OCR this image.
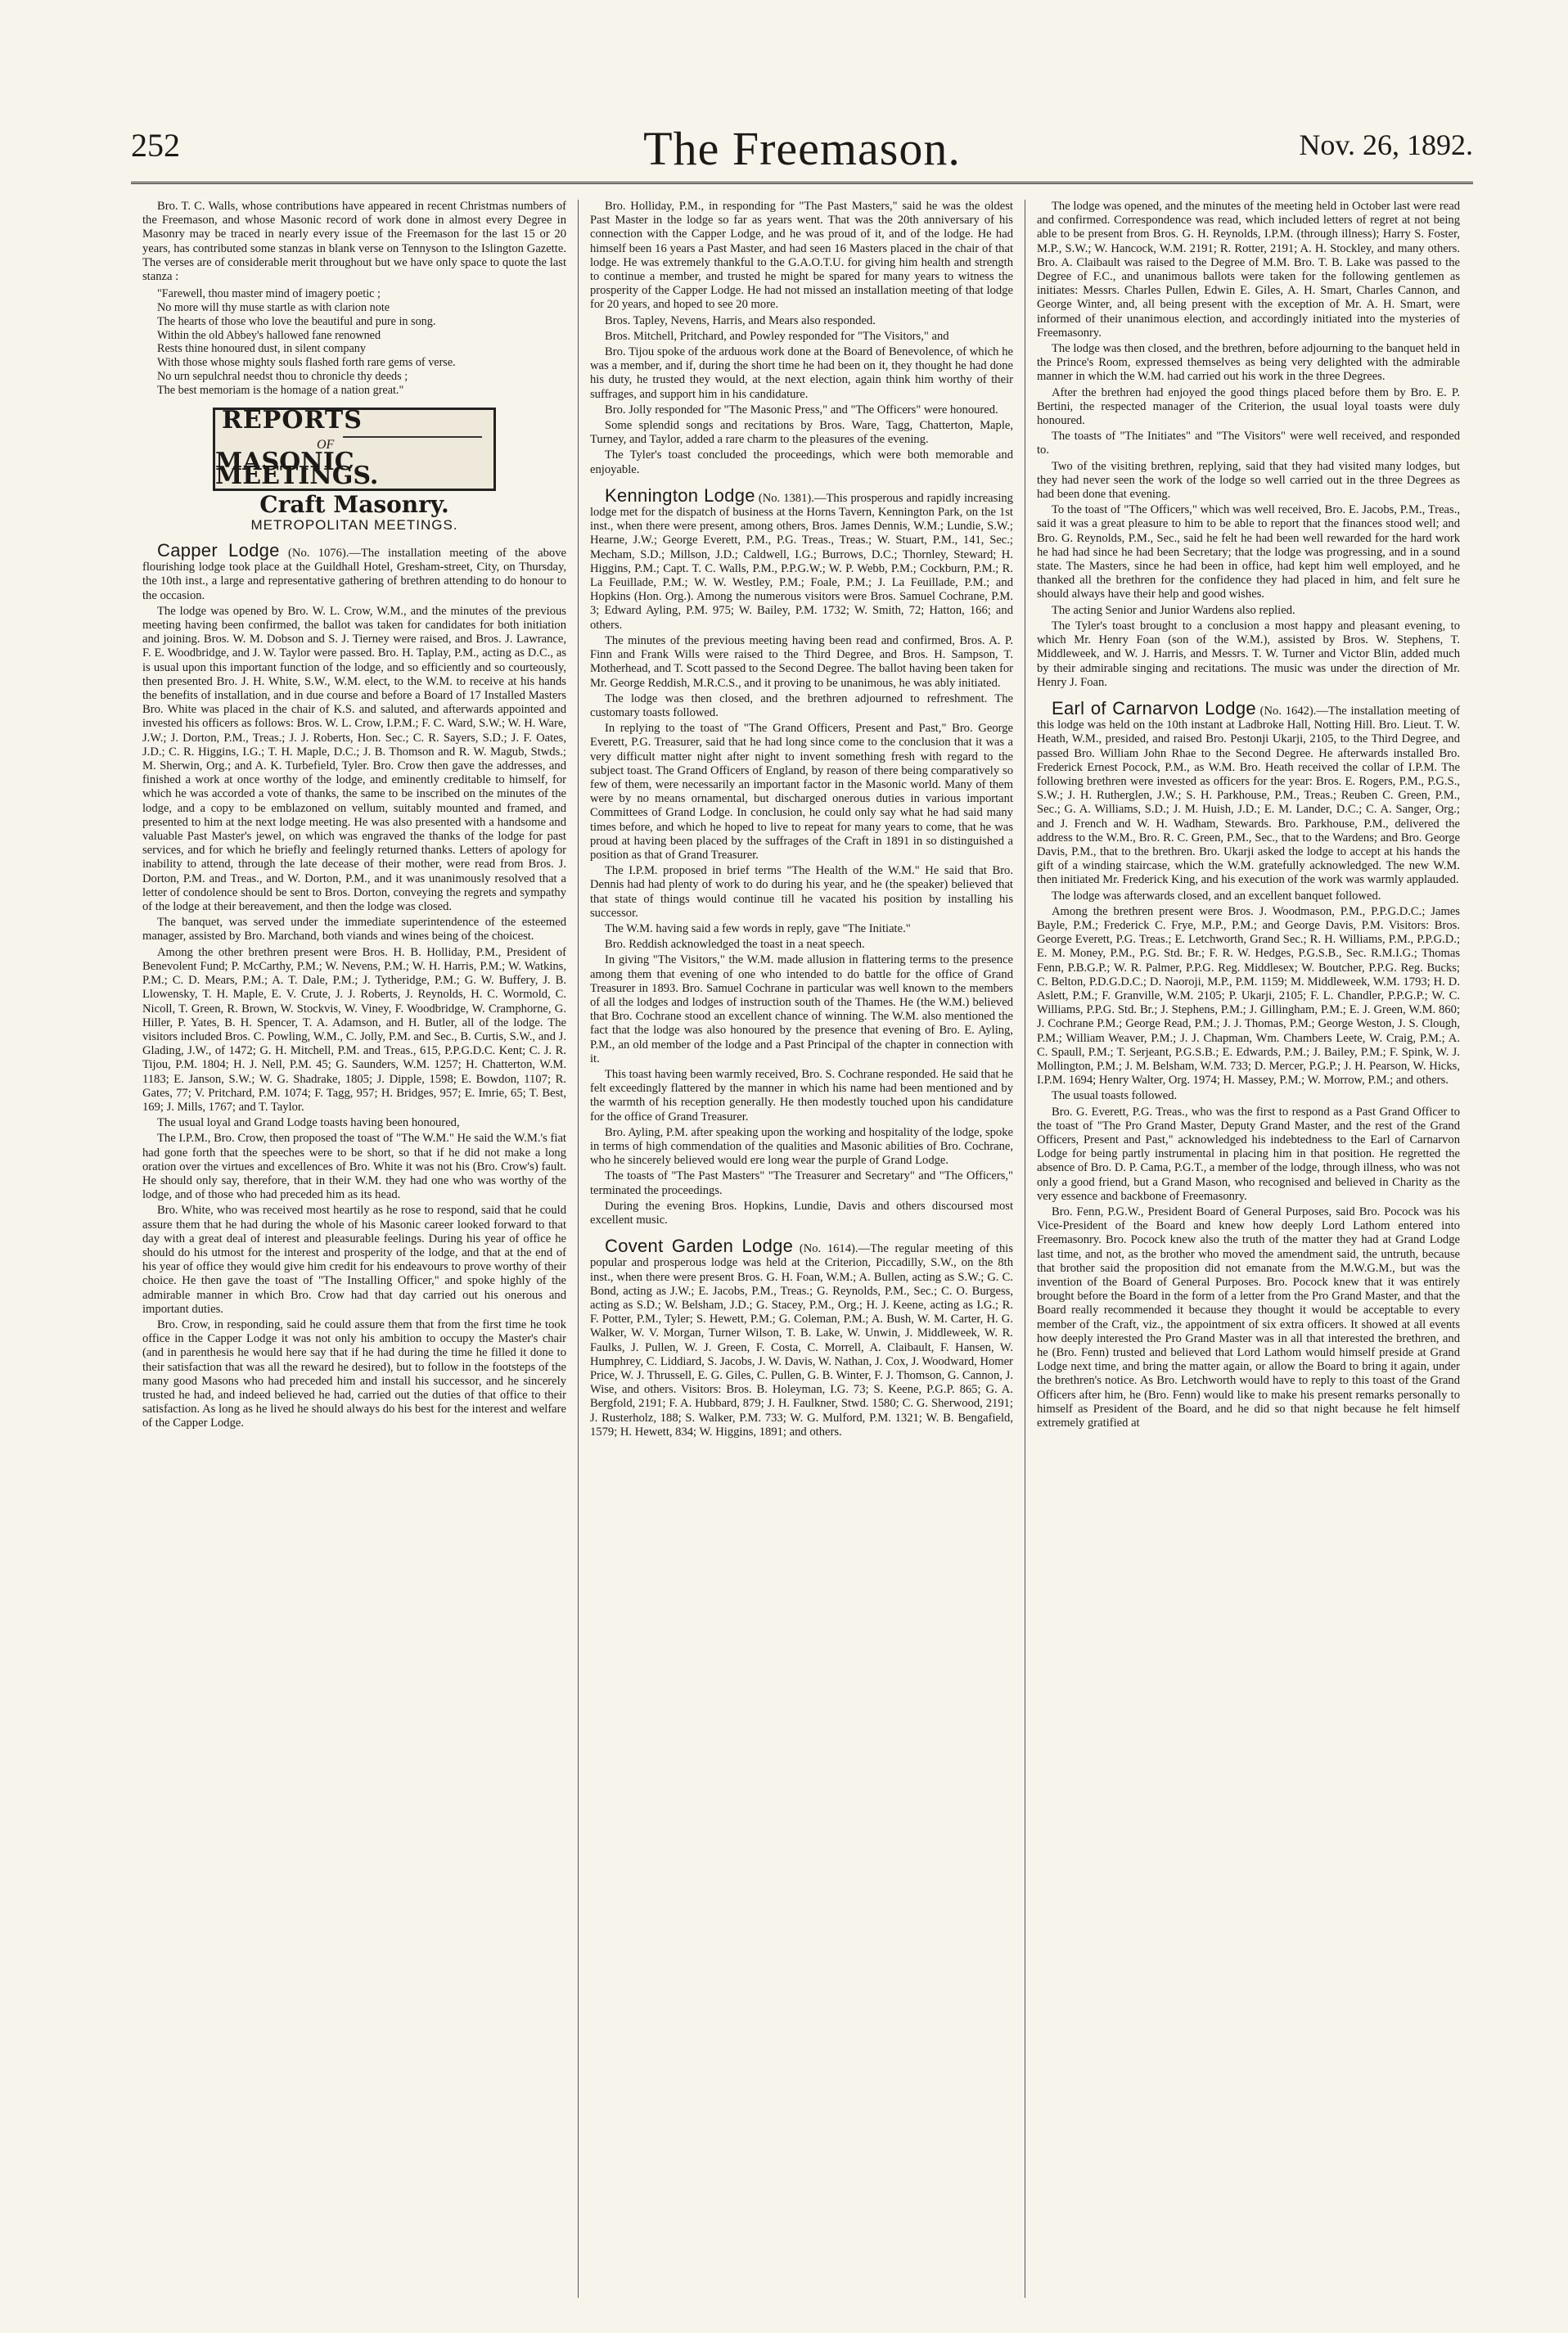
252	The Freemason.	Nov. 26, 1892.

Bro. T. C. Walls, whose contributions have appeared in recent Christmas numbers of the Freemason, and whose Masonic record of work done in almost every Degree in Masonry may be traced in nearly every issue of the Freemason for the last 15 or 20 years, has contributed some stanzas in blank verse on Tennyson to the Islington Gazette. The verses are of considerable merit throughout but we have only space to quote the last stanza :

"Farewell, thou master mind of imagery poetic ;
No more will thy muse startle as with clarion note
The hearts of those who love the beautiful and pure in song.
Within the old Abbey's hallowed fane renowned
Rests thine honoured dust, in silent company
With those whose mighty souls flashed forth rare gems of verse.
No urn sepulchral needst thou to chronicle thy deeds ;
The best memoriam is the homage of a nation great."
REPORTS
OF
MASONIC MEETINGS.
Craft Masonry.
METROPOLITAN MEETINGS.

Capper Lodge (No. 1076).—The installation meeting of the above flourishing lodge took place at the Guildhall Hotel, Gresham-street, City, on Thursday, the 10th inst., a large and representative gathering of brethren attending to do honour to the occasion.

The lodge was opened by Bro. W. L. Crow, W.M., and the minutes of the previous meeting having been confirmed, the ballot was taken for candidates for both initiation and joining. Bros. W. M. Dobson and S. J. Tierney were raised, and Bros. J. Lawrance, F. E. Woodbridge, and J. W. Taylor were passed. Bro. H. Taplay, P.M., acting as D.C., as is usual upon this important function of the lodge, and so efficiently and so courteously, then presented Bro. J. H. White, S.W., W.M. elect, to the W.M. to receive at his hands the benefits of installation, and in due course and before a Board of 17 Installed Masters Bro. White was placed in the chair of K.S. and saluted, and afterwards appointed and invested his officers as follows: Bros. W. L. Crow, I.P.M.; F. C. Ward, S.W.; W. H. Ware, J.W.; J. Dorton, P.M., Treas.; J. J. Roberts, Hon. Sec.; C. R. Sayers, S.D.; J. F. Oates, J.D.; C. R. Higgins, I.G.; T. H. Maple, D.C.; J. B. Thomson and R. W. Magub, Stwds.; M. Sherwin, Org.; and A. K. Turbefield, Tyler. Bro. Crow then gave the addresses, and finished a work at once worthy of the lodge, and eminently creditable to himself, for which he was accorded a vote of thanks, the same to be inscribed on the minutes of the lodge, and a copy to be emblazoned on vellum, suitably mounted and framed, and presented to him at the next lodge meeting. He was also presented with a handsome and valuable Past Master's jewel, on which was engraved the thanks of the lodge for past services, and for which he briefly and feelingly returned thanks. Letters of apology for inability to attend, through the late decease of their mother, were read from Bros. J. Dorton, P.M. and Treas., and W. Dorton, P.M., and it was unanimously resolved that a letter of condolence should be sent to Bros. Dorton, conveying the regrets and sympathy of the lodge at their bereavement, and then the lodge was closed.

The banquet, was served under the immediate superintendence of the esteemed manager, assisted by Bro. Marchand, both viands and wines being of the choicest.

Among the other brethren present were Bros. H. B. Holliday, P.M., President of Benevolent Fund; P. McCarthy, P.M.; W. Nevens, P.M.; W. H. Harris, P.M.; W. Watkins, P.M.; C. D. Mears, P.M.; A. T. Dale, P.M.; J. Tytheridge, P.M.; G. W. Buffery, J. B. Llowensky, T. H. Maple, E. V. Crute, J. J. Roberts, J. Reynolds, H. C. Wormold, C. Nicoll, T. Green, R. Brown, W. Stockvis, W. Viney, F. Woodbridge, W. Cramphorne, G. Hiller, P. Yates, B. H. Spencer, T. A. Adamson, and H. Butler, all of the lodge. The visitors included Bros. C. Powling, W.M., C. Jolly, P.M. and Sec., B. Curtis, S.W., and J. Glading, J.W., of 1472; G. H. Mitchell, P.M. and Treas., 615, P.P.G.D.C. Kent; C. J. R. Tijou, P.M. 1804; H. J. Nell, P.M. 45; G. Saunders, W.M. 1257; H. Chatterton, W.M. 1183; E. Janson, S.W.; W. G. Shadrake, 1805; J. Dipple, 1598; E. Bowdon, 1107; R. Gates, 77; V. Pritchard, P.M. 1074; F. Tagg, 957; H. Bridges, 957; E. Imrie, 65; T. Best, 169; J. Mills, 1767; and T. Taylor.

The usual loyal and Grand Lodge toasts having been honoured,

The I.P.M., Bro. Crow, then proposed the toast of "The W.M." He said the W.M.'s fiat had gone forth that the speeches were to be short, so that if he did not make a long oration over the virtues and excellences of Bro. White it was not his (Bro. Crow's) fault. He should only say, therefore, that in their W.M. they had one who was worthy of the lodge, and of those who had preceded him as its head.

Bro. White, who was received most heartily as he rose to respond, said that he could assure them that he had during the whole of his Masonic career looked forward to that day with a great deal of interest and pleasurable feelings. During his year of office he should do his utmost for the interest and prosperity of the lodge, and that at the end of his year of office they would give him credit for his endeavours to prove worthy of their choice. He then gave the toast of "The Installing Officer," and spoke highly of the admirable manner in which Bro. Crow had that day carried out his onerous and important duties.

Bro. Crow, in responding, said he could assure them that from the first time he took office in the Capper Lodge it was not only his ambition to occupy the Master's chair (and in parenthesis he would here say that if he had during the time he filled it done to their satisfaction that was all the reward he desired), but to follow in the footsteps of the many good Masons who had preceded him and install his successor, and he sincerely trusted he had, and indeed believed he had, carried out the duties of that office to their satisfaction. As long as he lived he should always do his best for the interest and welfare of the Capper Lodge.

Bro. Holliday, P.M., in responding for "The Past Masters," said he was the oldest Past Master in the lodge so far as years went. That was the 20th anniversary of his connection with the Capper Lodge, and he was proud of it, and of the lodge. He had himself been 16 years a Past Master, and had seen 16 Masters placed in the chair of that lodge. He was extremely thankful to the G.A.O.T.U. for giving him health and strength to continue a member, and trusted he might be spared for many years to witness the prosperity of the Capper Lodge. He had not missed an installation meeting of that lodge for 20 years, and hoped to see 20 more.

Bros. Tapley, Nevens, Harris, and Mears also responded.

Bros. Mitchell, Pritchard, and Powley responded for "The Visitors," and

Bro. Tijou spoke of the arduous work done at the Board of Benevolence, of which he was a member, and if, during the short time he had been on it, they thought he had done his duty, he trusted they would, at the next election, again think him worthy of their suffrages, and support him in his candidature.

Bro. Jolly responded for "The Masonic Press," and "The Officers" were honoured.

Some splendid songs and recitations by Bros. Ware, Tagg, Chatterton, Maple, Turney, and Taylor, added a rare charm to the pleasures of the evening.

The Tyler's toast concluded the proceedings, which were both memorable and enjoyable.

Kennington Lodge (No. 1381).—This prosperous and rapidly increasing lodge met for the dispatch of business at the Horns Tavern, Kennington Park, on the 1st inst., when there were present, among others, Bros. James Dennis, W.M.; Lundie, S.W.; Hearne, J.W.; George Everett, P.M., P.G. Treas., Treas.; W. Stuart, P.M., 141, Sec.; Mecham, S.D.; Millson, J.D.; Caldwell, I.G.; Burrows, D.C.; Thornley, Steward; H. Higgins, P.M.; Capt. T. C. Walls, P.M., P.P.G.W.; W. P. Webb, P.M.; Cockburn, P.M.; R. La Feuillade, P.M.; W. W. Westley, P.M.; Foale, P.M.; J. La Feuillade, P.M.; and Hopkins (Hon. Org.). Among the numerous visitors were Bros. Samuel Cochrane, P.M. 3; Edward Ayling, P.M. 975; W. Bailey, P.M. 1732; W. Smith, 72; Hatton, 166; and others.

The minutes of the previous meeting having been read and confirmed, Bros. A. P. Finn and Frank Wills were raised to the Third Degree, and Bros. H. Sampson, T. Motherhead, and T. Scott passed to the Second Degree. The ballot having been taken for Mr. George Reddish, M.R.C.S., and it proving to be unanimous, he was ably initiated.

The lodge was then closed, and the brethren adjourned to refreshment. The customary toasts followed.

In replying to the toast of "The Grand Officers, Present and Past," Bro. George Everett, P.G. Treasurer, said that he had long since come to the conclusion that it was a very difficult matter night after night to invent something fresh with regard to the subject toast. The Grand Officers of England, by reason of there being comparatively so few of them, were necessarily an important factor in the Masonic world. Many of them were by no means ornamental, but discharged onerous duties in various important Committees of Grand Lodge. In conclusion, he could only say what he had said many times before, and which he hoped to live to repeat for many years to come, that he was proud at having been placed by the suffrages of the Craft in 1891 in so distinguished a position as that of Grand Treasurer.

The I.P.M. proposed in brief terms "The Health of the W.M." He said that Bro. Dennis had had plenty of work to do during his year, and he (the speaker) believed that that state of things would continue till he vacated his position by installing his successor.

The W.M. having said a few words in reply, gave "The Initiate."

Bro. Reddish acknowledged the toast in a neat speech.

In giving "The Visitors," the W.M. made allusion in flattering terms to the presence among them that evening of one who intended to do battle for the office of Grand Treasurer in 1893. Bro. Samuel Cochrane in particular was well known to the members of all the lodges and lodges of instruction south of the Thames. He (the W.M.) believed that Bro. Cochrane stood an excellent chance of winning. The W.M. also mentioned the fact that the lodge was also honoured by the presence that evening of Bro. E. Ayling, P.M., an old member of the lodge and a Past Principal of the chapter in connection with it.

This toast having been warmly received, Bro. S. Cochrane responded. He said that he felt exceedingly flattered by the manner in which his name had been mentioned and by the warmth of his reception generally. He then modestly touched upon his candidature for the office of Grand Treasurer.

Bro. Ayling, P.M. after speaking upon the working and hospitality of the lodge, spoke in terms of high commendation of the qualities and Masonic abilities of Bro. Cochrane, who he sincerely believed would ere long wear the purple of Grand Lodge.

The toasts of "The Past Masters" "The Treasurer and Secretary" and "The Officers," terminated the proceedings.

During the evening Bros. Hopkins, Lundie, Davis and others discoursed most excellent music.

Covent Garden Lodge (No. 1614).—The regular meeting of this popular and prosperous lodge was held at the Criterion, Piccadilly, S.W., on the 8th inst., when there were present Bros. G. H. Foan, W.M.; A. Bullen, acting as S.W.; G. C. Bond, acting as J.W.; E. Jacobs, P.M., Treas.; G. Reynolds, P.M., Sec.; C. O. Burgess, acting as S.D.; W. Belsham, J.D.; G. Stacey, P.M., Org.; H. J. Keene, acting as I.G.; R. F. Potter, P.M., Tyler; S. Hewett, P.M.; G. Coleman, P.M.; A. Bush, W. M. Carter, H. G. Walker, W. V. Morgan, Turner Wilson, T. B. Lake, W. Unwin, J. Middleweek, W. R. Faulks, J. Pullen, W. J. Green, F. Costa, C. Morrell, A. Claibault, F. Hansen, W. Humphrey, C. Liddiard, S. Jacobs, J. W. Davis, W. Nathan, J. Cox, J. Woodward, Homer Price, W. J. Thrussell, E. G. Giles, C. Pullen, G. B. Winter, F. J. Thomson, G. Cannon, J. Wise, and others. Visitors: Bros. B. Holeyman, I.G. 73; S. Keene, P.G.P. 865; G. A. Bergfold, 2191; F. A. Hubbard, 879; J. H. Faulkner, Stwd. 1580; C. G. Sherwood, 2191; J. Rusterholz, 188; S. Walker, P.M. 733; W. G. Mulford, P.M. 1321; W. B. Bengafield, 1579; H. Hewett, 834; W. Higgins, 1891; and others.

The lodge was opened, and the minutes of the meeting held in October last were read and confirmed. Correspondence was read, which included letters of regret at not being able to be present from Bros. G. H. Reynolds, I.P.M. (through illness); Harry S. Foster, M.P., S.W.; W. Hancock, W.M. 2191; R. Rotter, 2191; A. H. Stockley, and many others. Bro. A. Claibault was raised to the Degree of M.M. Bro. T. B. Lake was passed to the Degree of F.C., and unanimous ballots were taken for the following gentlemen as initiates: Messrs. Charles Pullen, Edwin E. Giles, A. H. Smart, Charles Cannon, and George Winter, and, all being present with the exception of Mr. A. H. Smart, were informed of their unanimous election, and accordingly initiated into the mysteries of Freemasonry.

The lodge was then closed, and the brethren, before adjourning to the banquet held in the Prince's Room, expressed themselves as being very delighted with the admirable manner in which the W.M. had carried out his work in the three Degrees.

After the brethren had enjoyed the good things placed before them by Bro. E. P. Bertini, the respected manager of the Criterion, the usual loyal toasts were duly honoured.

The toasts of "The Initiates" and "The Visitors" were well received, and responded to.

Two of the visiting brethren, replying, said that they had visited many lodges, but they had never seen the work of the lodge so well carried out in the three Degrees as had been done that evening.

To the toast of "The Officers," which was well received, Bro. E. Jacobs, P.M., Treas., said it was a great pleasure to him to be able to report that the finances stood well; and Bro. G. Reynolds, P.M., Sec., said he felt he had been well rewarded for the hard work he had had since he had been Secretary; that the lodge was progressing, and in a sound state. The Masters, since he had been in office, had kept him well employed, and he thanked all the brethren for the confidence they had placed in him, and felt sure he should always have their help and good wishes.

The acting Senior and Junior Wardens also replied.

The Tyler's toast brought to a conclusion a most happy and pleasant evening, to which Mr. Henry Foan (son of the W.M.), assisted by Bros. W. Stephens, T. Middleweek, and W. J. Harris, and Messrs. T. W. Turner and Victor Blin, added much by their admirable singing and recitations. The music was under the direction of Mr. Henry J. Foan.

Earl of Carnarvon Lodge (No. 1642).—The installation meeting of this lodge was held on the 10th instant at Ladbroke Hall, Notting Hill. Bro. Lieut. T. W. Heath, W.M., presided, and raised Bro. Pestonji Ukarji, 2105, to the Third Degree, and passed Bro. William John Rhae to the Second Degree. He afterwards installed Bro. Frederick Ernest Pocock, P.M., as W.M. Bro. Heath received the collar of I.P.M. The following brethren were invested as officers for the year: Bros. E. Rogers, P.M., P.G.S., S.W.; J. H. Rutherglen, J.W.; S. H. Parkhouse, P.M., Treas.; Reuben C. Green, P.M., Sec.; G. A. Williams, S.D.; J. M. Huish, J.D.; E. M. Lander, D.C.; C. A. Sanger, Org.; and J. French and W. H. Wadham, Stewards. Bro. Parkhouse, P.M., delivered the address to the W.M., Bro. R. C. Green, P.M., Sec., that to the Wardens; and Bro. George Davis, P.M., that to the brethren. Bro. Ukarji asked the lodge to accept at his hands the gift of a winding staircase, which the W.M. gratefully acknowledged. The new W.M. then initiated Mr. Frederick King, and his execution of the work was warmly applauded.

The lodge was afterwards closed, and an excellent banquet followed.

Among the brethren present were Bros. J. Woodmason, P.M., P.P.G.D.C.; James Bayle, P.M.; Frederick C. Frye, M.P., P.M.; and George Davis, P.M. Visitors: Bros. George Everett, P.G. Treas.; E. Letchworth, Grand Sec.; R. H. Williams, P.M., P.P.G.D.; E. M. Money, P.M., P.G. Std. Br.; F. R. W. Hedges, P.G.S.B., Sec. R.M.I.G.; Thomas Fenn, P.B.G.P.; W. R. Palmer, P.P.G. Reg. Middlesex; W. Boutcher, P.P.G. Reg. Bucks; C. Belton, P.D.G.D.C.; D. Naoroji, M.P., P.M. 1159; M. Middleweek, W.M. 1793; H. D. Aslett, P.M.; F. Granville, W.M. 2105; P. Ukarji, 2105; F. L. Chandler, P.P.G.P.; W. C. Williams, P.P.G. Std. Br.; J. Stephens, P.M.; J. Gillingham, P.M.; E. J. Green, W.M. 860; J. Cochrane P.M.; George Read, P.M.; J. J. Thomas, P.M.; George Weston, J. S. Clough, P.M.; William Weaver, P.M.; J. J. Chapman, Wm. Chambers Leete, W. Craig, P.M.; A. C. Spaull, P.M.; T. Serjeant, P.G.S.B.; E. Edwards, P.M.; J. Bailey, P.M.; F. Spink, W. J. Mollington, P.M.; J. M. Belsham, W.M. 733; D. Mercer, P.G.P.; J. H. Pearson, W. Hicks, I.P.M. 1694; Henry Walter, Org. 1974; H. Massey, P.M.; W. Morrow, P.M.; and others.

The usual toasts followed.

Bro. G. Everett, P.G. Treas., who was the first to respond as a Past Grand Officer to the toast of "The Pro Grand Master, Deputy Grand Master, and the rest of the Grand Officers, Present and Past," acknowledged his indebtedness to the Earl of Carnarvon Lodge for being partly instrumental in placing him in that position. He regretted the absence of Bro. D. P. Cama, P.G.T., a member of the lodge, through illness, who was not only a good friend, but a Grand Mason, who recognised and believed in Charity as the very essence and backbone of Freemasonry.

Bro. Fenn, P.G.W., President Board of General Purposes, said Bro. Pocock was his Vice-President of the Board and knew how deeply Lord Lathom entered into Freemasonry. Bro. Pocock knew also the truth of the matter they had at Grand Lodge last time, and not, as the brother who moved the amendment said, the untruth, because that brother said the proposition did not emanate from the M.W.G.M., but was the invention of the Board of General Purposes. Bro. Pocock knew that it was entirely brought before the Board in the form of a letter from the Pro Grand Master, and that the Board really recommended it because they thought it would be acceptable to every member of the Craft, viz., the appointment of six extra officers. It showed at all events how deeply interested the Pro Grand Master was in all that interested the brethren, and he (Bro. Fenn) trusted and believed that Lord Lathom would himself preside at Grand Lodge next time, and bring the matter again, or allow the Board to bring it again, under the brethren's notice. As Bro. Letchworth would have to reply to this toast of the Grand Officers after him, he (Bro. Fenn) would like to make his present remarks personally to himself as President of the Board, and he did so that night because he felt himself extremely gratified at
